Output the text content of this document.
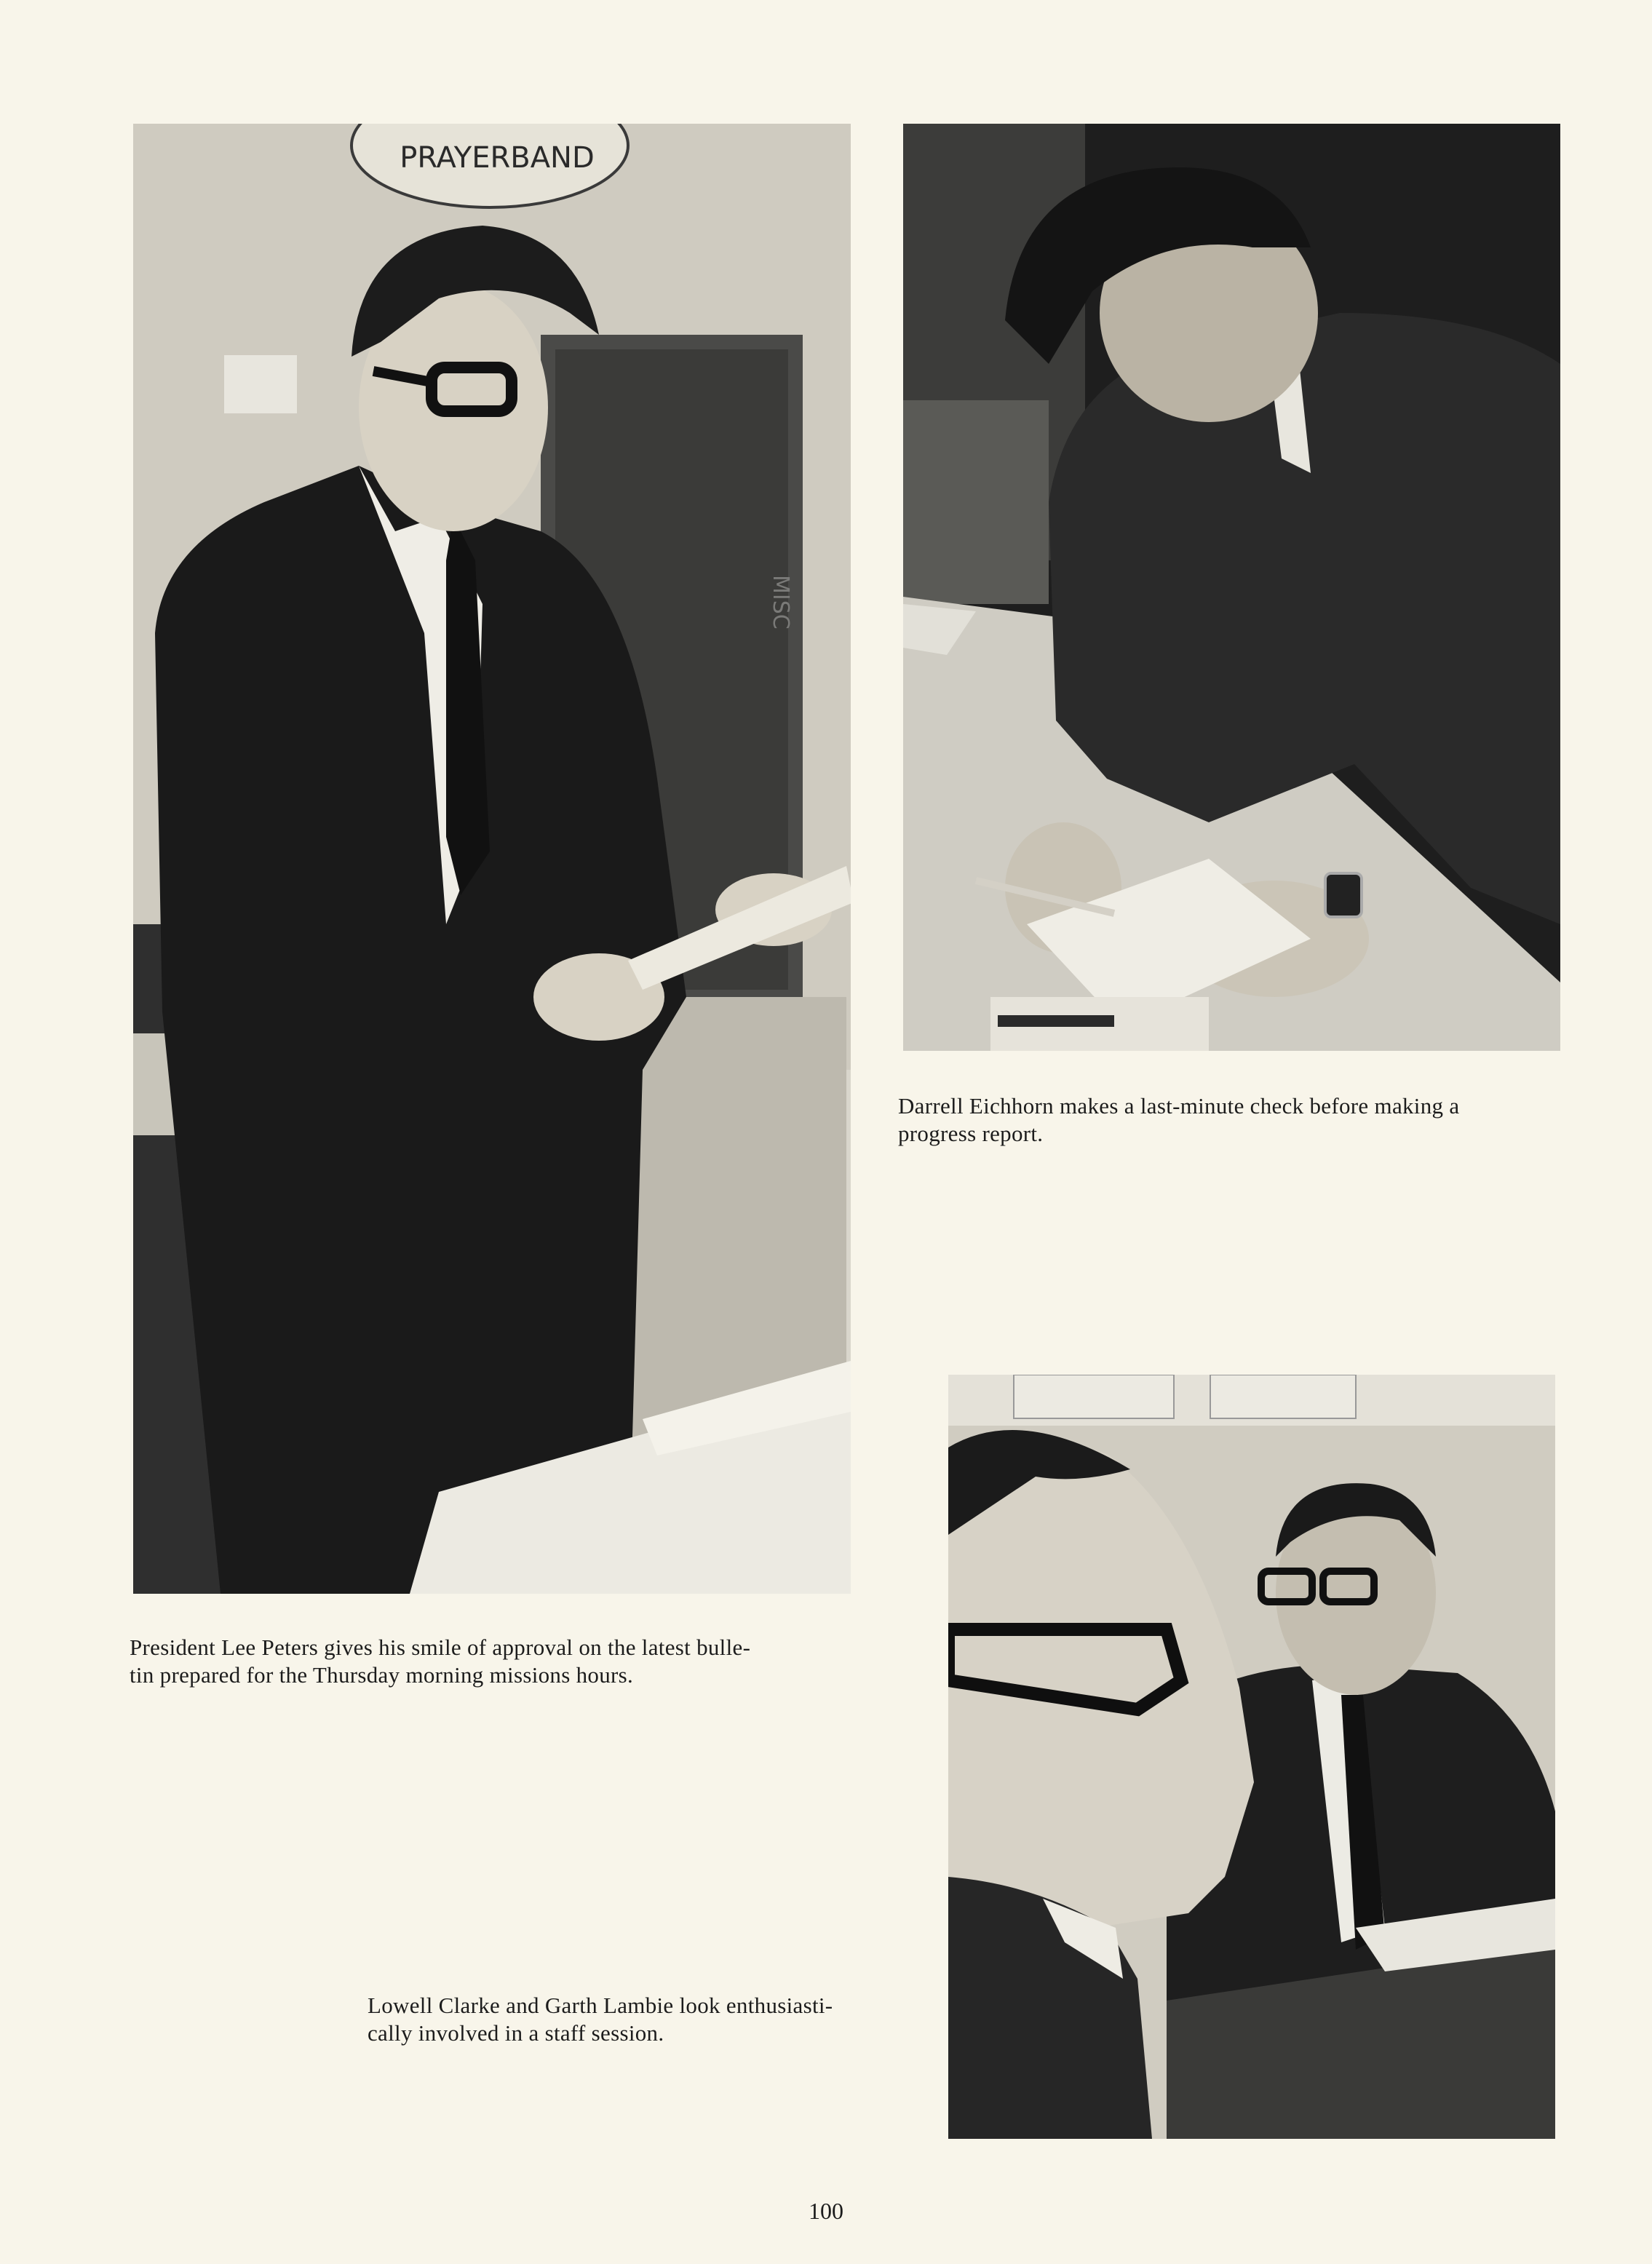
PRAYERBAND
MISC
Darrell Eichhorn makes a last-minute check before making a
progress report.
President Lee Peters gives his smile of approval on the latest bulle-
tin prepared for the Thursday morning missions hours.
Lowell Clarke and Garth Lambie look enthusiasti-
cally involved in a staff session.
100
